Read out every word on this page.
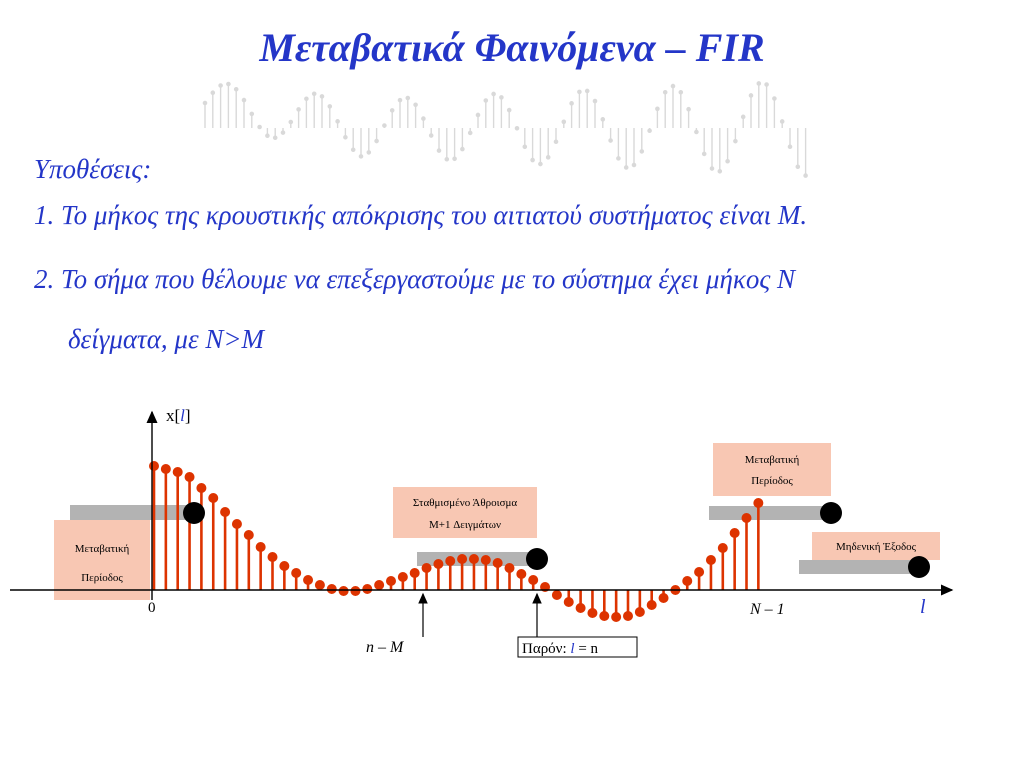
Μεταβατικά Φαινόμενα – FIR

Υποθέσεις:

1. Το μήκος της κρουστικής απόκρισης του αιτιατού συστήματος είναι M.

2. Το σήμα που θέλουμε να επεξεργαστούμε με το σύστημα έχει μήκος N

δείγματα, με N>M

Μεταβατική
Περίοδος
Σταθμισμένο Άθροισμα
M+1 Δειγμάτων
Μεταβατική
Περίοδος
Μηδενική Έξοδος
x[l]
l
0	N – 1
n – M	Παρόν: l = n
